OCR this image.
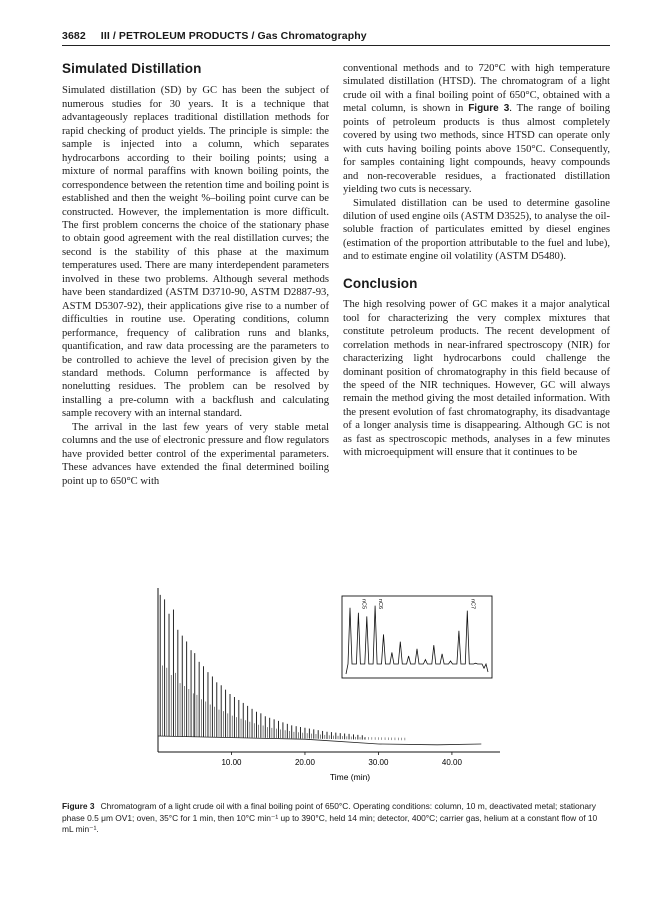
3682 III / PETROLEUM PRODUCTS / Gas Chromatography
Simulated Distillation

Simulated distillation (SD) by GC has been the subject of numerous studies for 30 years. It is a technique that advantageously replaces traditional distillation methods for rapid checking of product yields. The principle is simple: the sample is injected into a column, which separates hydrocarbons according to their boiling points; using a mixture of normal paraffins with known boiling points, the correspondence between the retention time and boiling point is established and then the weight %–boiling point curve can be constructed. However, the implementation is more difficult. The first problem concerns the choice of the stationary phase to obtain good agreement with the real distillation curves; the second is the stability of this phase at the maximum temperatures used. There are many interdependent parameters involved in these two problems. Although several methods have been standardized (ASTM D3710-90, ASTM D2887-93, ASTM D5307-92), their applications give rise to a number of difficulties in routine use. Operating conditions, column performance, frequency of calibration runs and blanks, quantification, and raw data processing are the parameters to be controlled to achieve the level of precision given by the standard methods. Column performance is affected by nonelutting residues. The problem can be resolved by installing a pre-column with a backflush and calculating sample recovery with an internal standard.

The arrival in the last few years of very stable metal columns and the use of electronic pressure and flow regulators have provided better control of the experimental parameters. These advances have extended the final determined boiling point up to 650°C with

conventional methods and to 720°C with high temperature simulated distillation (HTSD). The chromatogram of a light crude oil with a final boiling point of 650°C, obtained with a metal column, is shown in Figure 3. The range of boiling points of petroleum products is thus almost completely covered by using two methods, since HTSD can operate only with cuts having boiling points above 150°C. Consequently, for samples containing light compounds, heavy compounds and non-recoverable residues, a fractionated distillation yielding two cuts is necessary.

Simulated distillation can be used to determine gasoline dilution of used engine oils (ASTM D3525), to analyse the oil-soluble fraction of particulates emitted by diesel engines (estimation of the proportion attributable to the fuel and lube), and to estimate engine oil volatility (ASTM D5480).

Conclusion

The high resolving power of GC makes it a major analytical tool for characterizing the very complex mixtures that constitute petroleum products. The recent development of correlation methods in near-infrared spectroscopy (NIR) for characterizing light hydrocarbons could challenge the dominant position of chromatography in this field because of the speed of the NIR techniques. However, GC will always remain the method giving the most detailed information. With the present evolution of fast chromatography, its disadvantage of a longer analysis time is disappearing. Although GC is not as fast as spectroscopic methods, analyses in a few minutes with microequipment will ensure that it continues to be

nC5 nC6	nC7
10.00	20.00	30.00	40.00
Time (min)
Figure 3 Chromatogram of a light crude oil with a final boiling point of 650°C. Operating conditions: column, 10 m, deactivated metal; stationary phase 0.5 μm OV1; oven, 35°C for 1 min, then 10°C min⁻¹ up to 390°C, held 14 min; detector, 400°C; carrier gas, helium at a constant flow of 10 mL min⁻¹.
